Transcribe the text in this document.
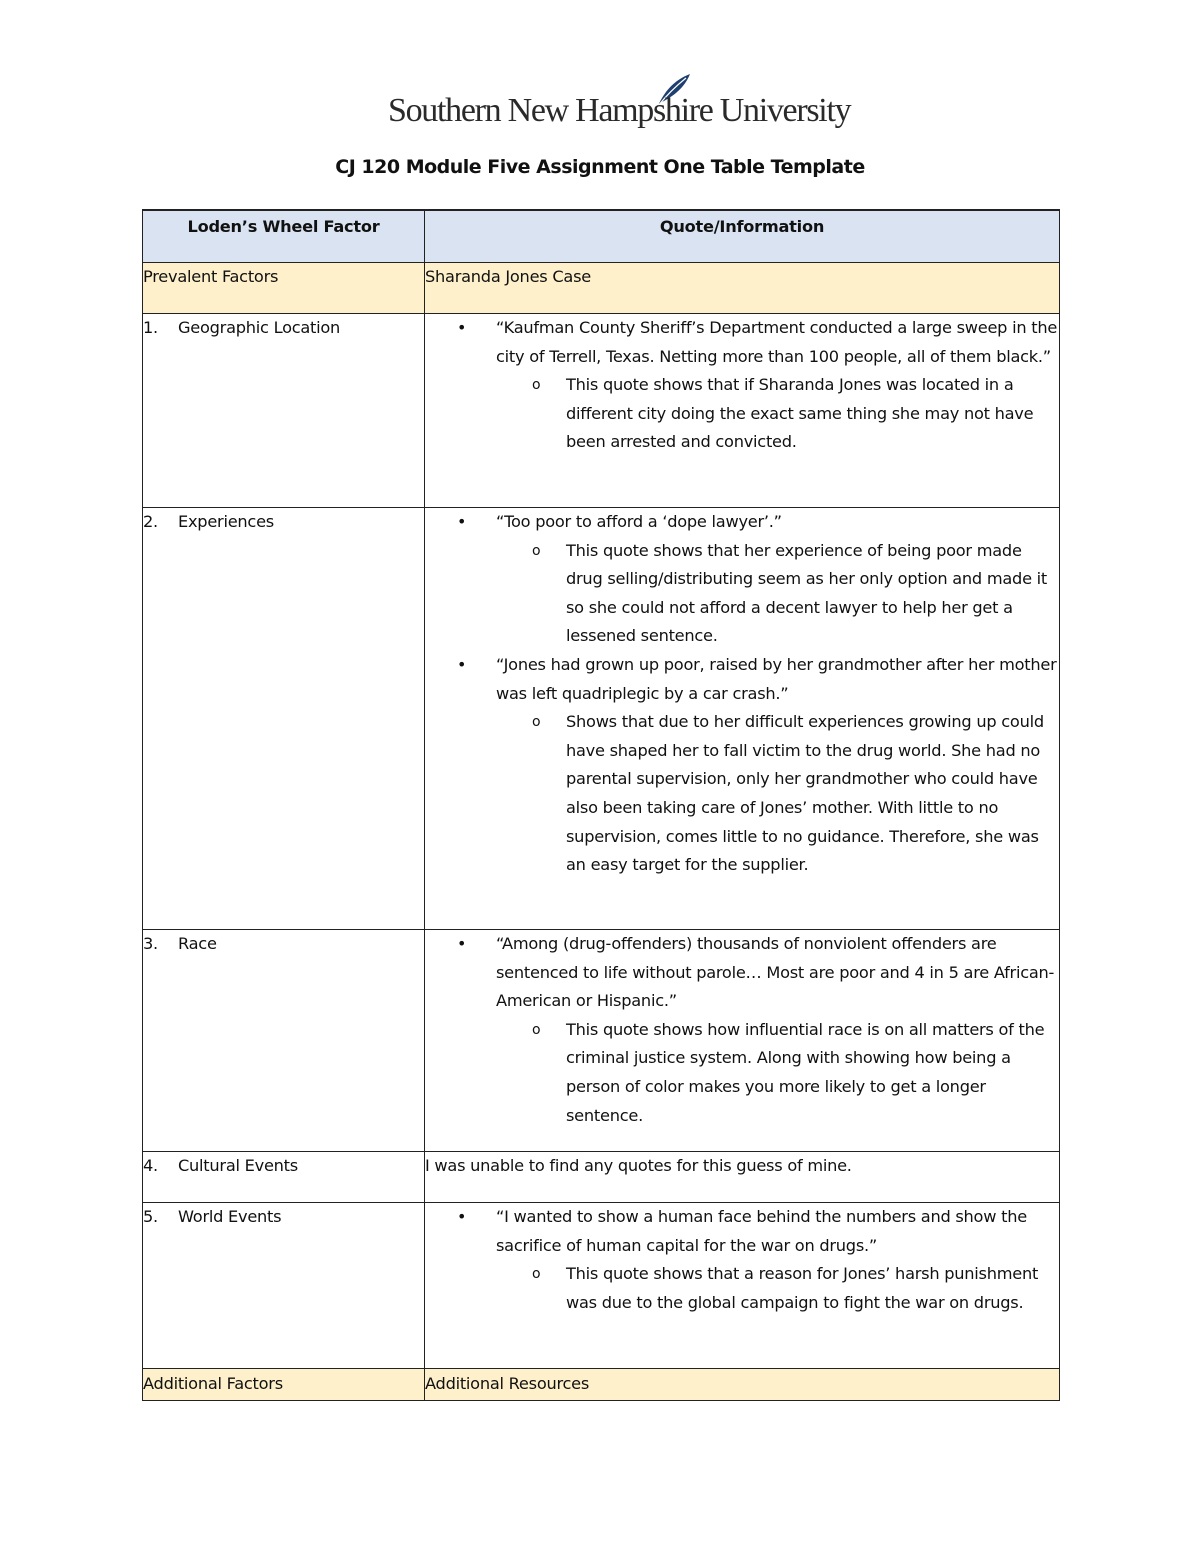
Southern New Hampshire University
CJ 120 Module Five Assignment One Table Template
Loden’s Wheel Factor	Quote/Information
Prevalent Factors	Sharanda Jones Case
1. Geographic Location	• “Kaufman County Sheriff’s Department conducted a large sweep in the city of Terrell, Texas. Netting more than 100 people, all of them black.”
o This quote shows that if Sharanda Jones was located in a different city doing the exact same thing she may not have been arrested and convicted.

2. Experiences	• “Too poor to afford a ‘dope lawyer’.”
o This quote shows that her experience of being poor made drug selling/distributing seem as her only option and made it so she could not afford a decent lawyer to help her get a lessened sentence.
• “Jones had grown up poor, raised by her grandmother after her mother was left quadriplegic by a car crash.”
o Shows that due to her difficult experiences growing up could have shaped her to fall victim to the drug world. She had no parental supervision, only her grandmother who could have also been taking care of Jones’ mother. With little to no supervision, comes little to no guidance. Therefore, she was an easy target for the supplier.

3. Race	• “Among (drug-offenders) thousands of nonviolent offenders are sentenced to life without parole… Most are poor and 4 in 5 are African-American or Hispanic.”
o This quote shows how influential race is on all matters of the criminal justice system. Along with showing how being a person of color makes you more likely to get a longer sentence.

4. Cultural Events	I was unable to find any quotes for this guess of mine.
5. World Events	• “I wanted to show a human face behind the numbers and show the sacrifice of human capital for the war on drugs.”
o This quote shows that a reason for Jones’ harsh punishment was due to the global campaign to fight the war on drugs.

Additional Factors	Additional Resources
